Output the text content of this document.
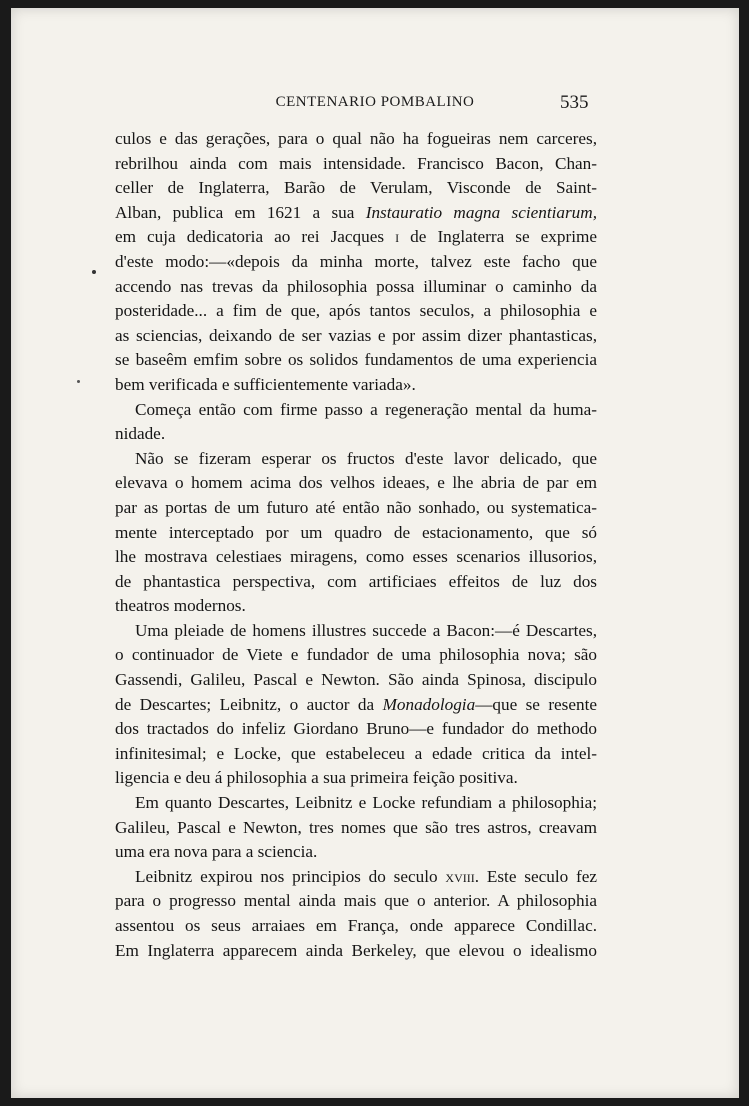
CENTENARIO POMBALINO	535
culos e das gerações, para o qual não ha fogueiras nem carceres,
rebrilhou ainda com mais intensidade. Francisco Bacon, Chan-
celler de Inglaterra, Barão de Verulam, Visconde de Saint-
Alban, publica em 1621 a sua Instauratio magna scientiarum,
em cuja dedicatoria ao rei Jacques i de Inglaterra se exprime
d'este modo:—«depois da minha morte, talvez este facho que
accendo nas trevas da philosophia possa illuminar o caminho da
posteridade... a fim de que, após tantos seculos, a philosophia e
as sciencias, deixando de ser vazias e por assim dizer phantasticas,
se baseêm emfim sobre os solidos fundamentos de uma experiencia
bem verificada e sufficientemente variada».
Começa então com firme passo a regeneração mental da huma-
nidade.
Não se fizeram esperar os fructos d'este lavor delicado, que
elevava o homem acima dos velhos ideaes, e lhe abria de par em
par as portas de um futuro até então não sonhado, ou systematica-
mente interceptado por um quadro de estacionamento, que só
lhe mostrava celestiaes miragens, como esses scenarios illusorios,
de phantastica perspectiva, com artificiaes effeitos de luz dos
theatros modernos.
Uma pleiade de homens illustres succede a Bacon:—é Descartes,
o continuador de Viete e fundador de uma philosophia nova; são
Gassendi, Galileu, Pascal e Newton. São ainda Spinosa, discipulo
de Descartes; Leibnitz, o auctor da Monadologia—que se resente
dos tractados do infeliz Giordano Bruno—e fundador do methodo
infinitesimal; e Locke, que estabeleceu a edade critica da intel-
ligencia e deu á philosophia a sua primeira feição positiva.
Em quanto Descartes, Leibnitz e Locke refundiam a philosophia;
Galileu, Pascal e Newton, tres nomes que são tres astros, creavam
uma era nova para a sciencia.
Leibnitz expirou nos principios do seculo xviii. Este seculo fez
para o progresso mental ainda mais que o anterior. A philosophia
assentou os seus arraiaes em França, onde apparece Condillac.
Em Inglaterra apparecem ainda Berkeley, que elevou o idealismo
